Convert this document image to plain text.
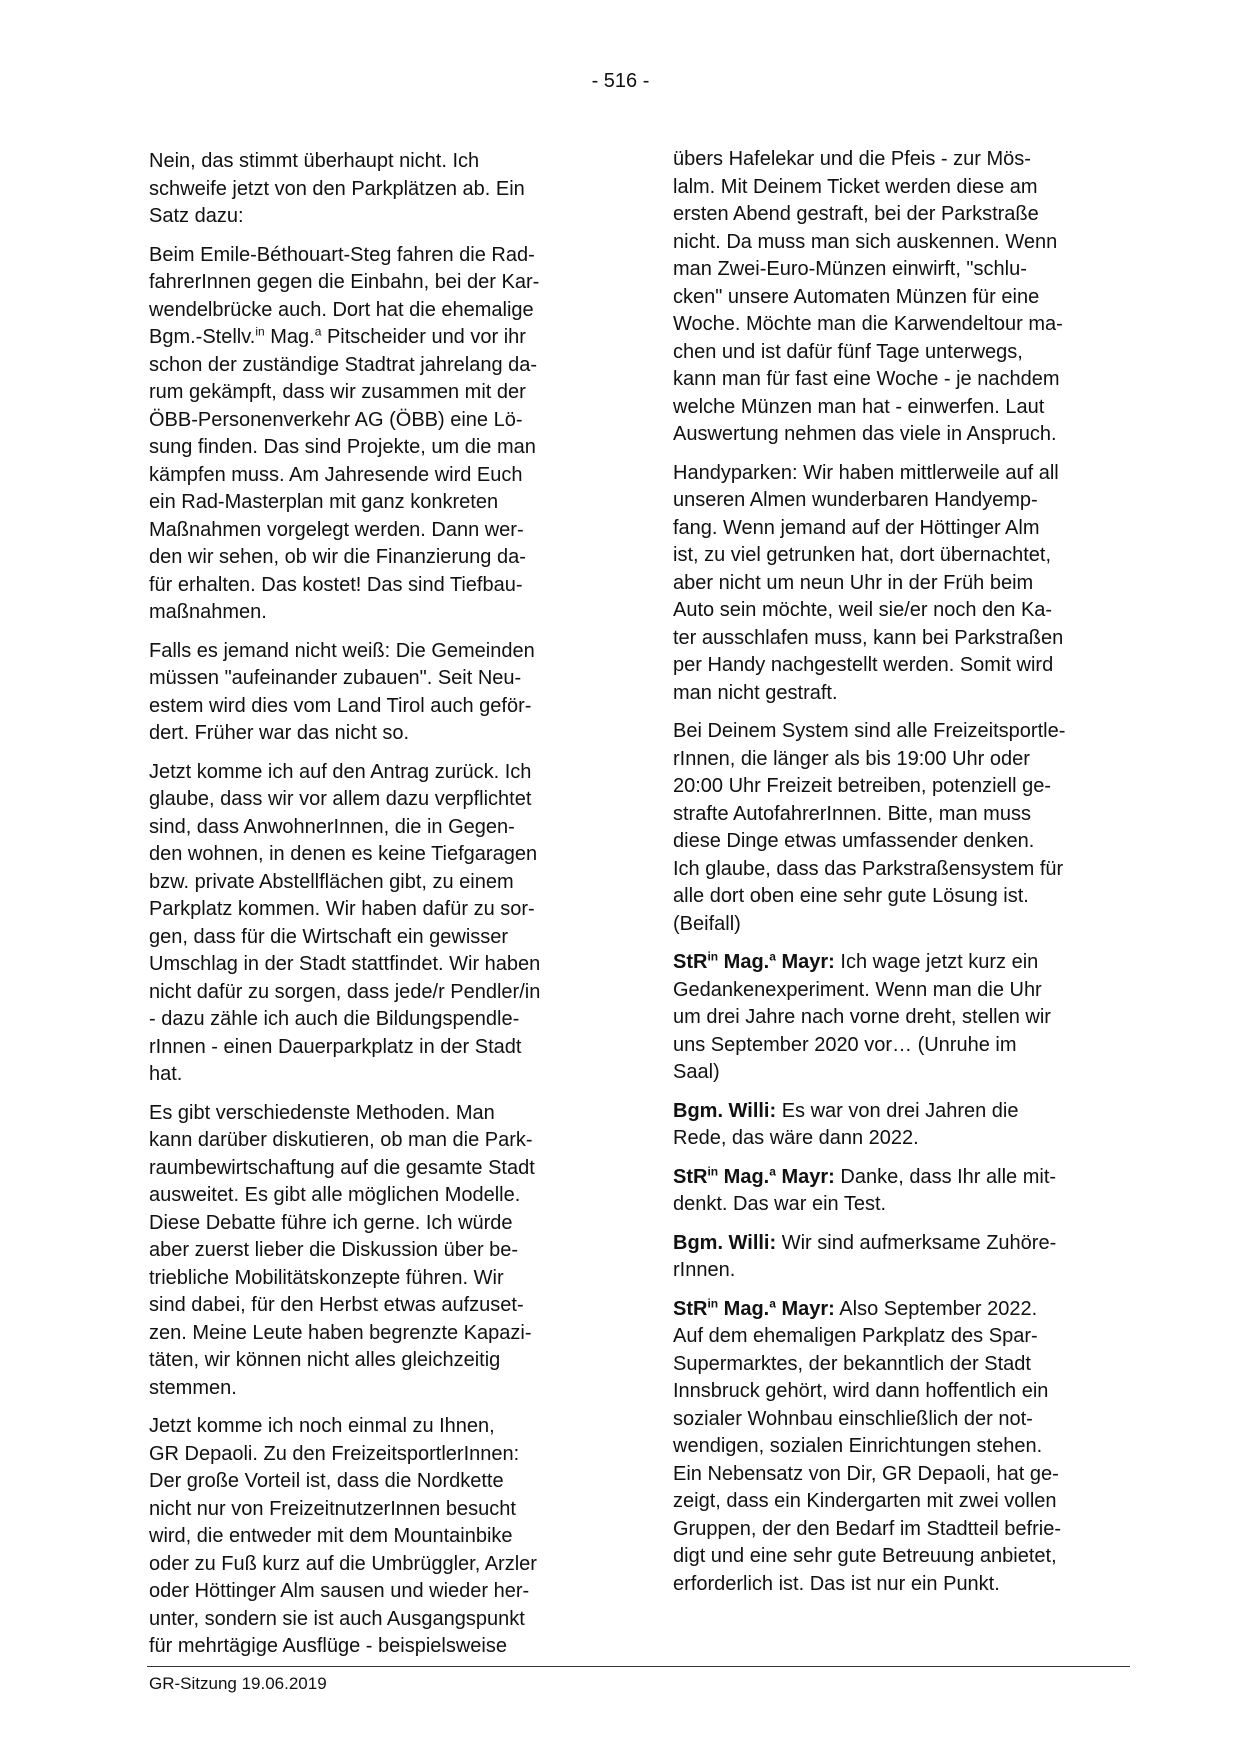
- 516 -

Nein, das stimmt überhaupt nicht. Ich
schweife jetzt von den Parkplätzen ab. Ein
Satz dazu:

Beim Emile-Béthouart-Steg fahren die Rad-
fahrerInnen gegen die Einbahn, bei der Kar-
wendelbrücke auch. Dort hat die ehemalige
Bgm.-Stellv.$^{in}$ Mag.$^a$ Pitscheider und vor ihr
schon der zuständige Stadtrat jahrelang da-
rum gekämpft, dass wir zusammen mit der
ÖBB-Personenverkehr AG (ÖBB) eine Lö-
sung finden. Das sind Projekte, um die man
kämpfen muss. Am Jahresende wird Euch
ein Rad-Masterplan mit ganz konkreten
Maßnahmen vorgelegt werden. Dann wer-
den wir sehen, ob wir die Finanzierung da-
für erhalten. Das kostet! Das sind Tiefbau-
maßnahmen.

Falls es jemand nicht weiß: Die Gemeinden
müssen "aufeinander zubauen". Seit Neu-
estem wird dies vom Land Tirol auch geför-
dert. Früher war das nicht so.

Jetzt komme ich auf den Antrag zurück. Ich
glaube, dass wir vor allem dazu verpflichtet
sind, dass AnwohnerInnen, die in Gegen-
den wohnen, in denen es keine Tiefgaragen
bzw. private Abstellflächen gibt, zu einem
Parkplatz kommen. Wir haben dafür zu sor-
gen, dass für die Wirtschaft ein gewisser
Umschlag in der Stadt stattfindet. Wir haben
nicht dafür zu sorgen, dass jede/r Pendler/in
- dazu zähle ich auch die Bildungspendle-
rInnen - einen Dauerparkplatz in der Stadt
hat.

Es gibt verschiedenste Methoden. Man
kann darüber diskutieren, ob man die Park-
raumbewirtschaftung auf die gesamte Stadt
ausweitet. Es gibt alle möglichen Modelle.
Diese Debatte führe ich gerne. Ich würde
aber zuerst lieber die Diskussion über be-
triebliche Mobilitätskonzepte führen. Wir
sind dabei, für den Herbst etwas aufzuset-
zen. Meine Leute haben begrenzte Kapazi-
täten, wir können nicht alles gleichzeitig
stemmen.

Jetzt komme ich noch einmal zu Ihnen,
GR Depaoli. Zu den FreizeitsportlerInnen:
Der große Vorteil ist, dass die Nordkette
nicht nur von FreizeitnutzerInnen besucht
wird, die entweder mit dem Mountainbike
oder zu Fuß kurz auf die Umbrüggler, Arzler
oder Höttinger Alm sausen und wieder her-
unter, sondern sie ist auch Ausgangspunkt
für mehrtägige Ausflüge - beispielsweise

übers Hafelekar und die Pfeis - zur Mös-
lalm. Mit Deinem Ticket werden diese am
ersten Abend gestraft, bei der Parkstraße
nicht. Da muss man sich auskennen. Wenn
man Zwei-Euro-Münzen einwirft, "schlu-
cken" unsere Automaten Münzen für eine
Woche. Möchte man die Karwendeltour ma-
chen und ist dafür fünf Tage unterwegs,
kann man für fast eine Woche - je nachdem
welche Münzen man hat - einwerfen. Laut
Auswertung nehmen das viele in Anspruch.

Handyparken: Wir haben mittlerweile auf all
unseren Almen wunderbaren Handyemp-
fang. Wenn jemand auf der Höttinger Alm
ist, zu viel getrunken hat, dort übernachtet,
aber nicht um neun Uhr in der Früh beim
Auto sein möchte, weil sie/er noch den Ka-
ter ausschlafen muss, kann bei Parkstraßen
per Handy nachgestellt werden. Somit wird
man nicht gestraft.

Bei Deinem System sind alle Freizeitsportle-
rInnen, die länger als bis 19:00 Uhr oder
20:00 Uhr Freizeit betreiben, potenziell ge-
strafte AutofahrerInnen. Bitte, man muss
diese Dinge etwas umfassender denken.
Ich glaube, dass das Parkstraßensystem für
alle dort oben eine sehr gute Lösung ist.
(Beifall)

StR$^{in}$ Mag.$^a$ Mayr: Ich wage jetzt kurz ein
Gedankenexperiment. Wenn man die Uhr
um drei Jahre nach vorne dreht, stellen wir
uns September 2020 vor… (Unruhe im
Saal)

Bgm. Willi: Es war von drei Jahren die
Rede, das wäre dann 2022.

StR$^{in}$ Mag.$^a$ Mayr: Danke, dass Ihr alle mit-
denkt. Das war ein Test.

Bgm. Willi: Wir sind aufmerksame Zuhöre-
rInnen.

StR$^{in}$ Mag.$^a$ Mayr: Also September 2022.
Auf dem ehemaligen Parkplatz des Spar-
Supermarktes, der bekanntlich der Stadt
Innsbruck gehört, wird dann hoffentlich ein
sozialer Wohnbau einschließlich der not-
wendigen, sozialen Einrichtungen stehen.
Ein Nebensatz von Dir, GR Depaoli, hat ge-
zeigt, dass ein Kindergarten mit zwei vollen
Gruppen, der den Bedarf im Stadtteil befrie-
digt und eine sehr gute Betreuung anbietet,
erforderlich ist. Das ist nur ein Punkt.

GR-Sitzung 19.06.2019
